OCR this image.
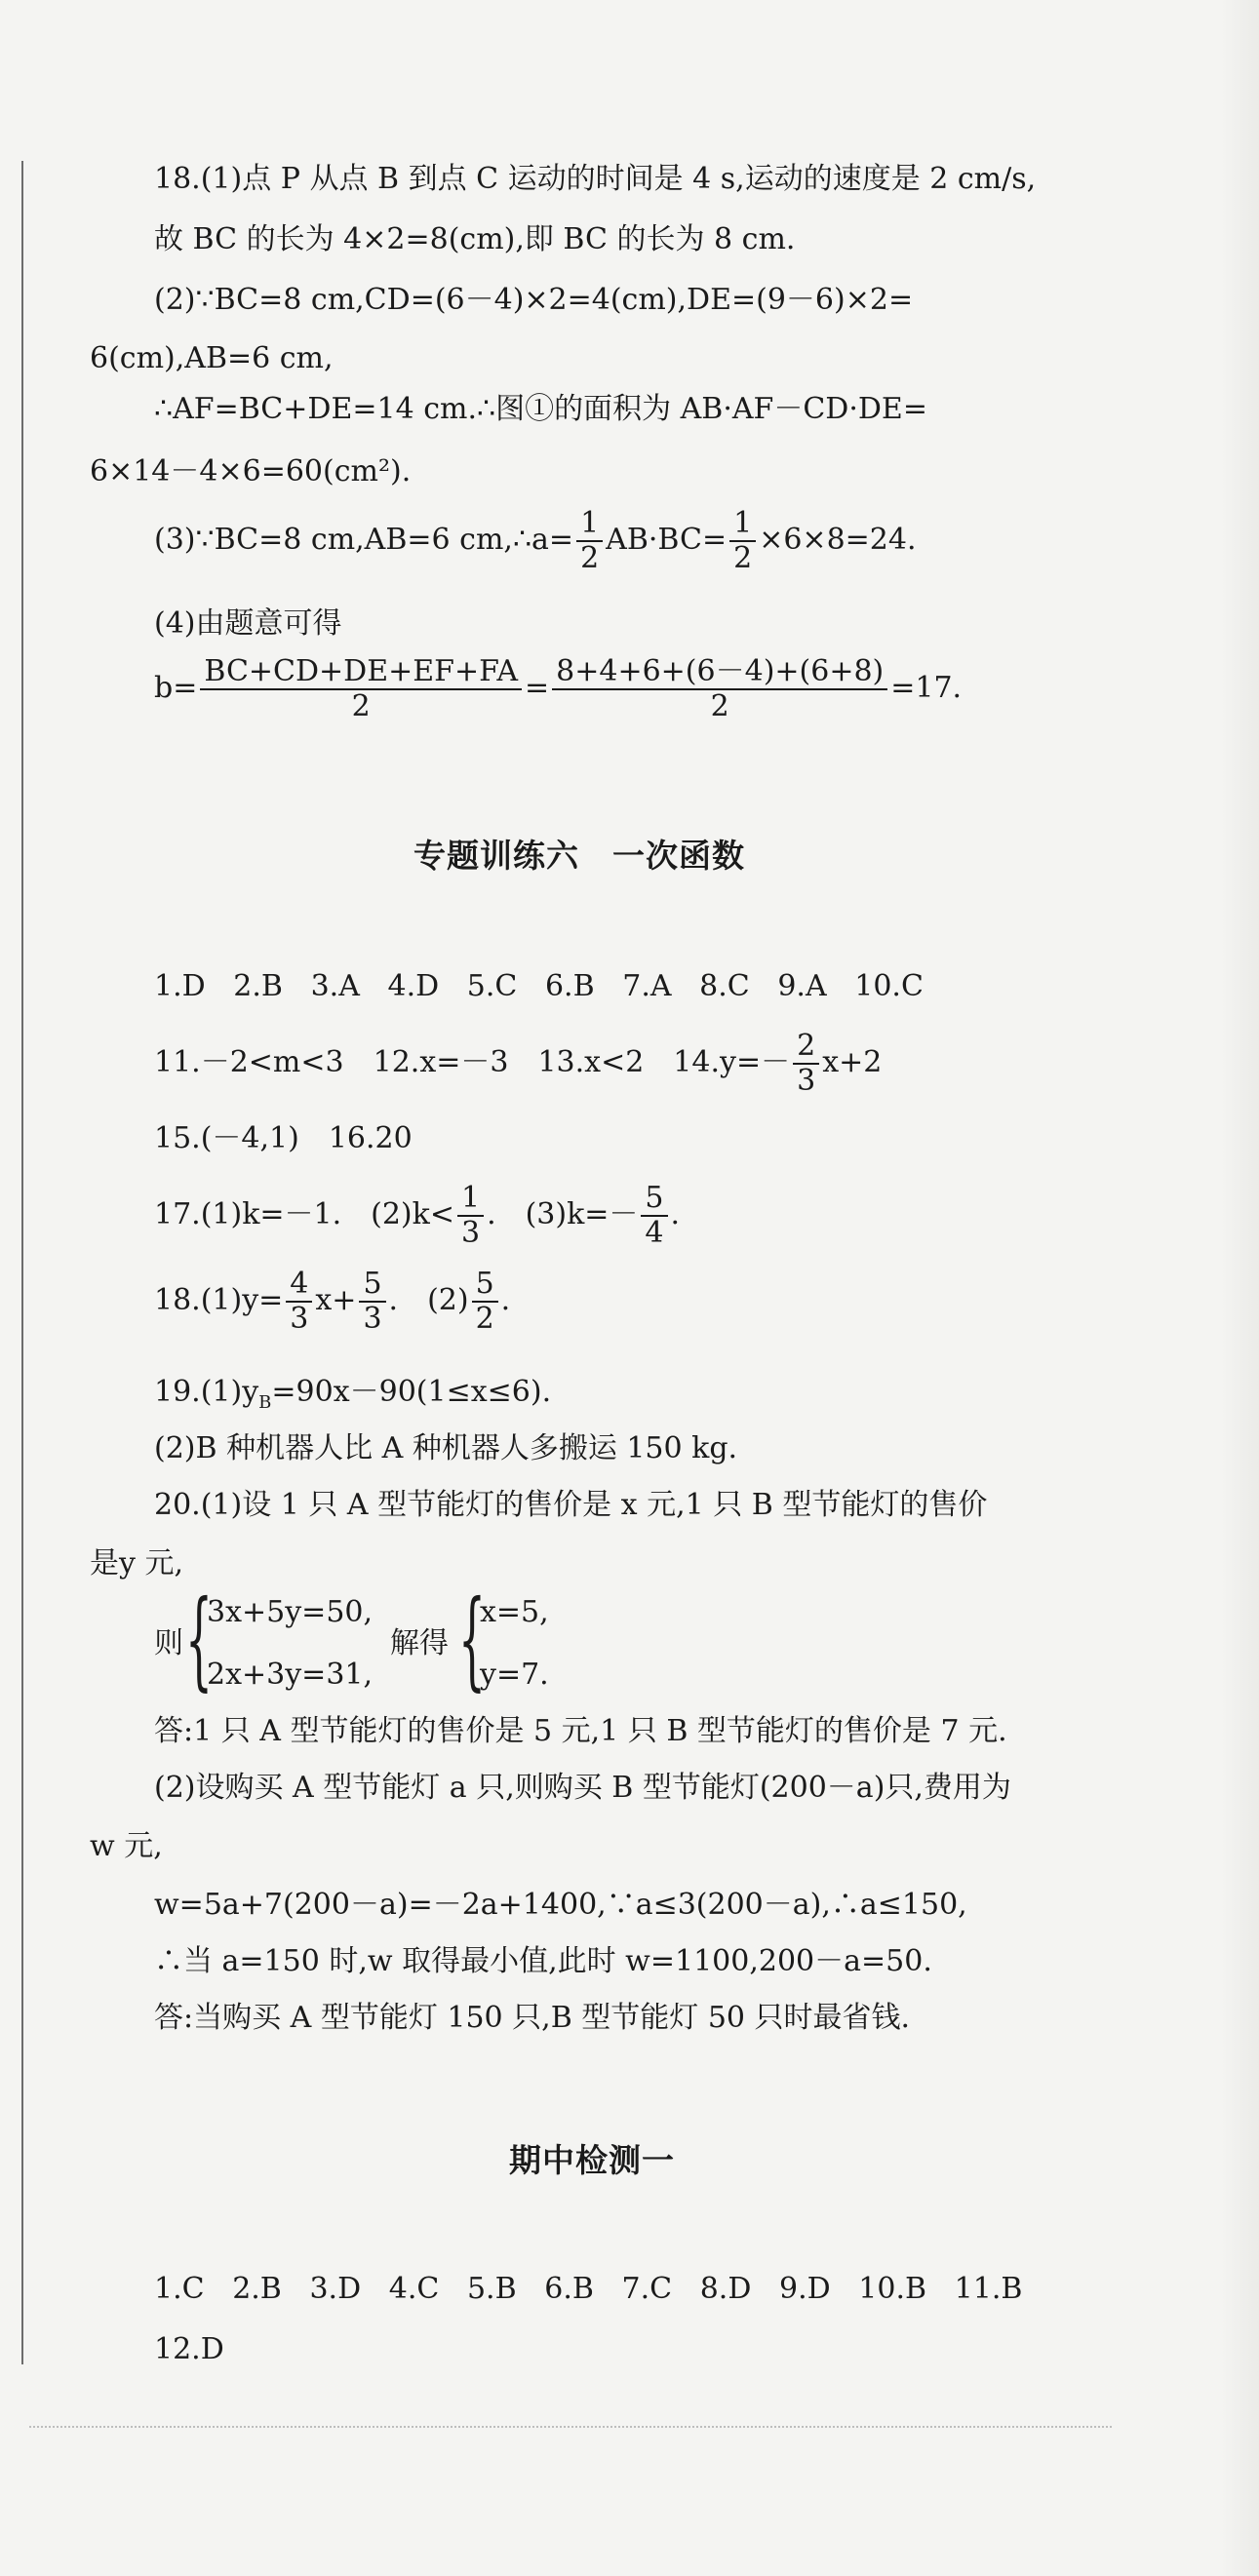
18.(1)点 P 从点 B 到点 C 运动的时间是 4 s,运动的速度是 2 cm/s,
故 BC 的长为 4×2=8(cm),即 BC 的长为 8 cm.
(2)∵BC=8 cm,CD=(6－4)×2=4(cm),DE=(9－6)×2=
6(cm),AB=6 cm,
∴AF=BC+DE=14 cm.∴图①的面积为 AB·AF－CD·DE=
6×14－4×6=60(cm²).
(3)∵BC=8 cm,AB=6 cm,∴a= $\frac{1}{2} AB\cdot BC= \frac{1}{2} \times 6\times 8=24$.
(4)由题意可得
$b= \frac{BC+CD+DE+EF+FA}{2} = \frac{8+4+6+(6-4)+(6+8)}{2} =17$.
专题训练六　一次函数
1.D 2.B 3.A 4.D 5.C 6.B 7.A 8.C 9.A 10.C
11.－2<m<3　12.x=－3　13.x<2　$14.y=- \frac{2}{3} x+2$
15.(－4,1)　16.20
17.(1)k=－1.　$(2)k< \frac{1}{3}$ .　$(3)k=- \frac{5}{4}$ .
$18.(1)y= \frac{4}{3} x+ \frac{5}{3}$ .　$(2) \frac{5}{2}$ .
$19.(1)y_B=90x-90(1\le x\le 6)$.
(2)B 种机器人比 A 种机器人多搬运 150 kg.
20.(1)设 1 只 A 型节能灯的售价是 x 元,1 只 B 型节能灯的售价
是y 元,
则 {
3x+5y=50,
2x+3y=31,
解得 {
x=5,
y=7.
答:1 只 A 型节能灯的售价是 5 元,1 只 B 型节能灯的售价是 7 元.
(2)设购买 A 型节能灯 a 只,则购买 B 型节能灯(200－a)只,费用为
w 元,
w=5a+7(200－a)=－2a+1400,∵a≤3(200－a),∴a≤150,
∴当 a=150 时,w 取得最小值,此时 w=1100,200－a=50.
答:当购买 A 型节能灯 150 只,B 型节能灯 50 只时最省钱.
期中检测一
1.C 2.B 3.D 4.C 5.B 6.B 7.C 8.D 9.D 10.B 11.B
12.D
